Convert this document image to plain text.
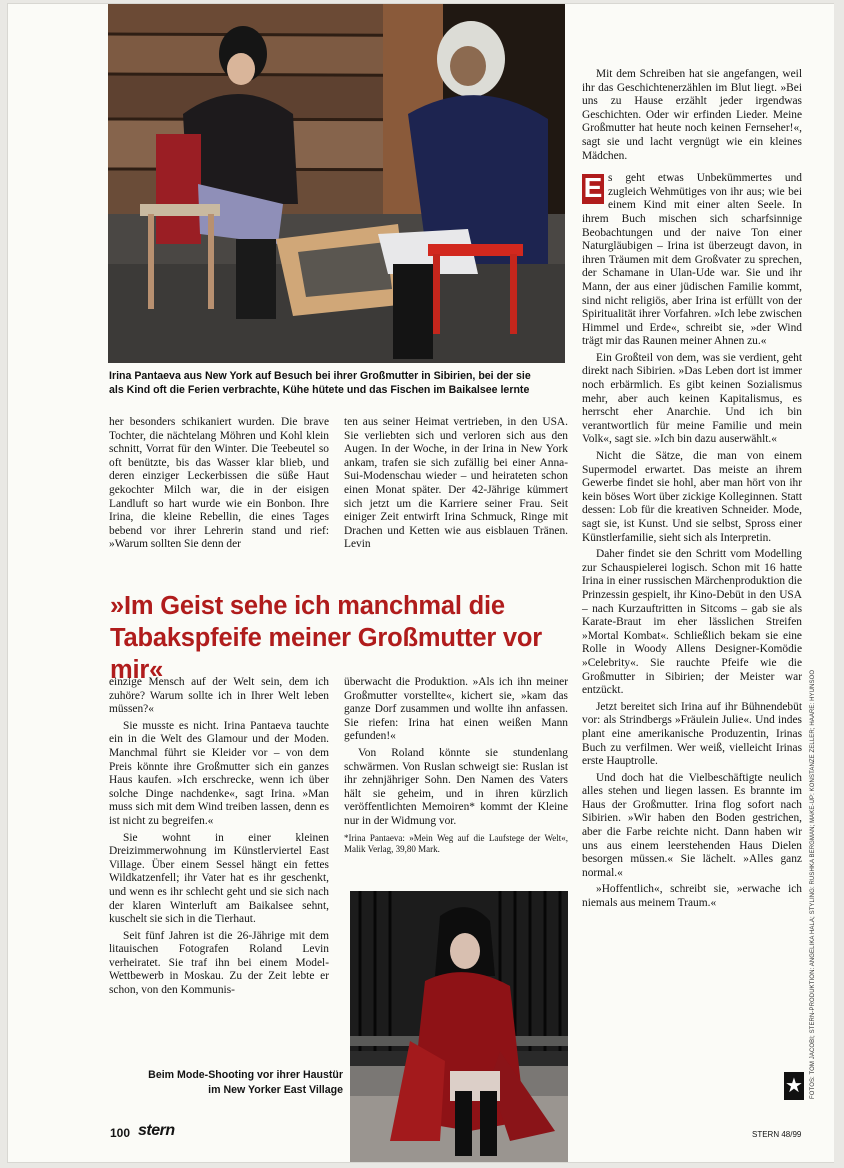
Irina Pantaeva aus New York auf Besuch bei ihrer Großmutter in Sibirien, bei der sie

als Kind oft die Ferien verbrachte, Kühe hütete und das Fischen im Baikalsee lernte

her besonders schikaniert wurden. Die brave Tochter, die nächtelang Möhren und Kohl klein schnitt, Vorrat für den Winter. Die Teebeutel so oft benützte, bis das Wasser klar blieb, und deren einziger Leckerbissen die süße Haut gekochter Milch war, die in der eisigen Landluft so hart wurde wie ein Bonbon. Ihre Irina, die kleine Rebellin, die eines Tages bebend vor ihrer Lehrerin stand und rief: »Warum sollten Sie denn der

ten aus seiner Heimat vertrieben, in den USA. Sie verliebten sich und verloren sich aus den Augen. In der Woche, in der Irina in New York ankam, trafen sie sich zufällig bei einer Anna-Sui-Modenschau wieder – und heirateten schon einen Monat später. Der 42-Jährige kümmert sich jetzt um die Karriere seiner Frau. Seit einiger Zeit entwirft Irina Schmuck, Ringe mit Drachen und Ketten wie aus eisblauen Tränen. Levin

»Im Geist sehe ich manchmal die

Tabakspfeife meiner Großmutter vor mir«

einzige Mensch auf der Welt sein, dem ich zuhöre? Warum sollte ich in Ihrer Welt leben müssen?«

Sie musste es nicht. Irina Pantaeva tauchte ein in die Welt des Glamour und der Moden. Manchmal führt sie Kleider vor – von dem Preis könnte ihre Großmutter sich ein ganzes Haus kaufen. »Ich erschrecke, wenn ich über solche Dinge nachdenke«, sagt Irina. »Man muss sich mit dem Wind treiben lassen, denn es ist nicht zu begreifen.«

Sie wohnt in einer kleinen Dreizimmerwohnung im Künstlerviertel East Village. Über einem Sessel hängt ein fettes Wildkatzenfell; ihr Vater hat es ihr geschenkt, und wenn es ihr schlecht geht und sie sich nach der klaren Winterluft am Baikalsee sehnt, kuschelt sie sich in die Tierhaut.

Seit fünf Jahren ist die 26-Jährige mit dem litauischen Fotografen Roland Levin verheiratet. Sie traf ihn bei einem Model-Wettbewerb in Moskau. Zu der Zeit lebte er schon, von den Kommunis-

überwacht die Produktion. »Als ich ihn meiner Großmutter vorstellte«, kichert sie, »kam das ganze Dorf zusammen und wollte ihn anfassen. Sie riefen: Irina hat einen weißen Mann gefunden!«

Von Roland könnte sie stundenlang schwärmen. Von Ruslan schweigt sie: Ruslan ist ihr zehnjähriger Sohn. Den Namen des Vaters hält sie geheim, und in ihren kürzlich veröffentlichten Memoiren* kommt der Kleine nur in der Widmung vor.

*Irina Pantaeva: »Mein Weg auf die Laufstege der Welt«, Malik Verlag, 39,80 Mark.

Beim Mode-Shooting vor ihrer Haustür

im New Yorker East Village

Mit dem Schreiben hat sie angefangen, weil ihr das Geschichtenerzählen im Blut liegt. »Bei uns zu Hause erzählt jeder irgendwas Geschichten. Oder wir erfinden Lieder. Meine Großmutter hat heute noch keinen Fernseher!«, sagt sie und lacht vergnügt wie ein kleines Mädchen.

E s geht etwas Unbekümmertes und zugleich Wehmütiges von ihr aus; wie bei einem Kind mit einer alten Seele. In ihrem Buch mischen sich scharfsinnige Beobachtungen und der naive Ton einer Naturgläubigen – Irina ist überzeugt davon, in ihren Träumen mit dem Großvater zu sprechen, der Schamane in Ulan-Ude war. Sie und ihr Mann, der aus einer jüdischen Familie kommt, sind nicht religiös, aber Irina ist erfüllt von der Spiritualität ihrer Vorfahren. »Ich lebe zwischen Himmel und Erde«, schreibt sie, »der Wind trägt mir das Raunen meiner Ahnen zu.«

Ein Großteil von dem, was sie verdient, geht direkt nach Sibirien. »Das Leben dort ist immer noch erbärmlich. Es gibt keinen Sozialismus mehr, aber auch keinen Kapitalismus, es herrscht eher Anarchie. Und ich bin verantwortlich für meine Familie und mein Volk«, sagt sie. »Ich bin dazu auserwählt.«

Nicht die Sätze, die man von einem Supermodel erwartet. Das meiste an ihrem Gewerbe findet sie hohl, aber man hört von ihr kein böses Wort über zickige Kolleginnen. Statt dessen: Lob für die kreativen Schneider. Mode, sagt sie, ist Kunst. Und sie selbst, Spross einer Künstlerfamilie, sieht sich als Interpretin.

Daher findet sie den Schritt vom Modelling zur Schauspielerei logisch. Schon mit 16 hatte Irina in einer russischen Märchenproduktion die Prinzessin gespielt, ihr Kino-Debüt in den USA – nach Kurzauftritten in Sitcoms – gab sie als Karate-Braut im eher lässlichen Streifen »Mortal Kombat«. Schließlich bekam sie eine Rolle in Woody Allens Designer-Komödie »Celebrity«. Sie rauchte Pfeife wie die Großmutter in Sibirien; der Meister war entzückt.

Jetzt bereitet sich Irina auf ihr Bühnendebüt vor: als Strindbergs »Fräulein Julie«. Und indes plant eine amerikanische Produzentin, Irinas Buch zu verfilmen. Wer weiß, vielleicht Irinas erste Hauptrolle.

Und doch hat die Vielbeschäftigte neulich alles stehen und liegen lassen. Es brannte im Haus der Großmutter. Irina flog sofort nach Sibirien. »Wir haben den Boden gestrichen, aber die Farbe reichte nicht. Dann haben wir uns aus einem leerstehenden Haus Dielen besorgen müssen.« Sie lächelt. »Alles ganz normal.«

»Hoffentlich«, schreibt sie, »erwache ich niemals aus meinem Traum.«	FOTOS: TOM JACOBI; STERN-PRODUKTION: ANGELIKA HALA; STYLING: RUSHKA BERGMAN; MAKE-UP: KONSTANZE ZELLER; HAARE: HYUNSOO
★
100 stern	STERN 48/99
